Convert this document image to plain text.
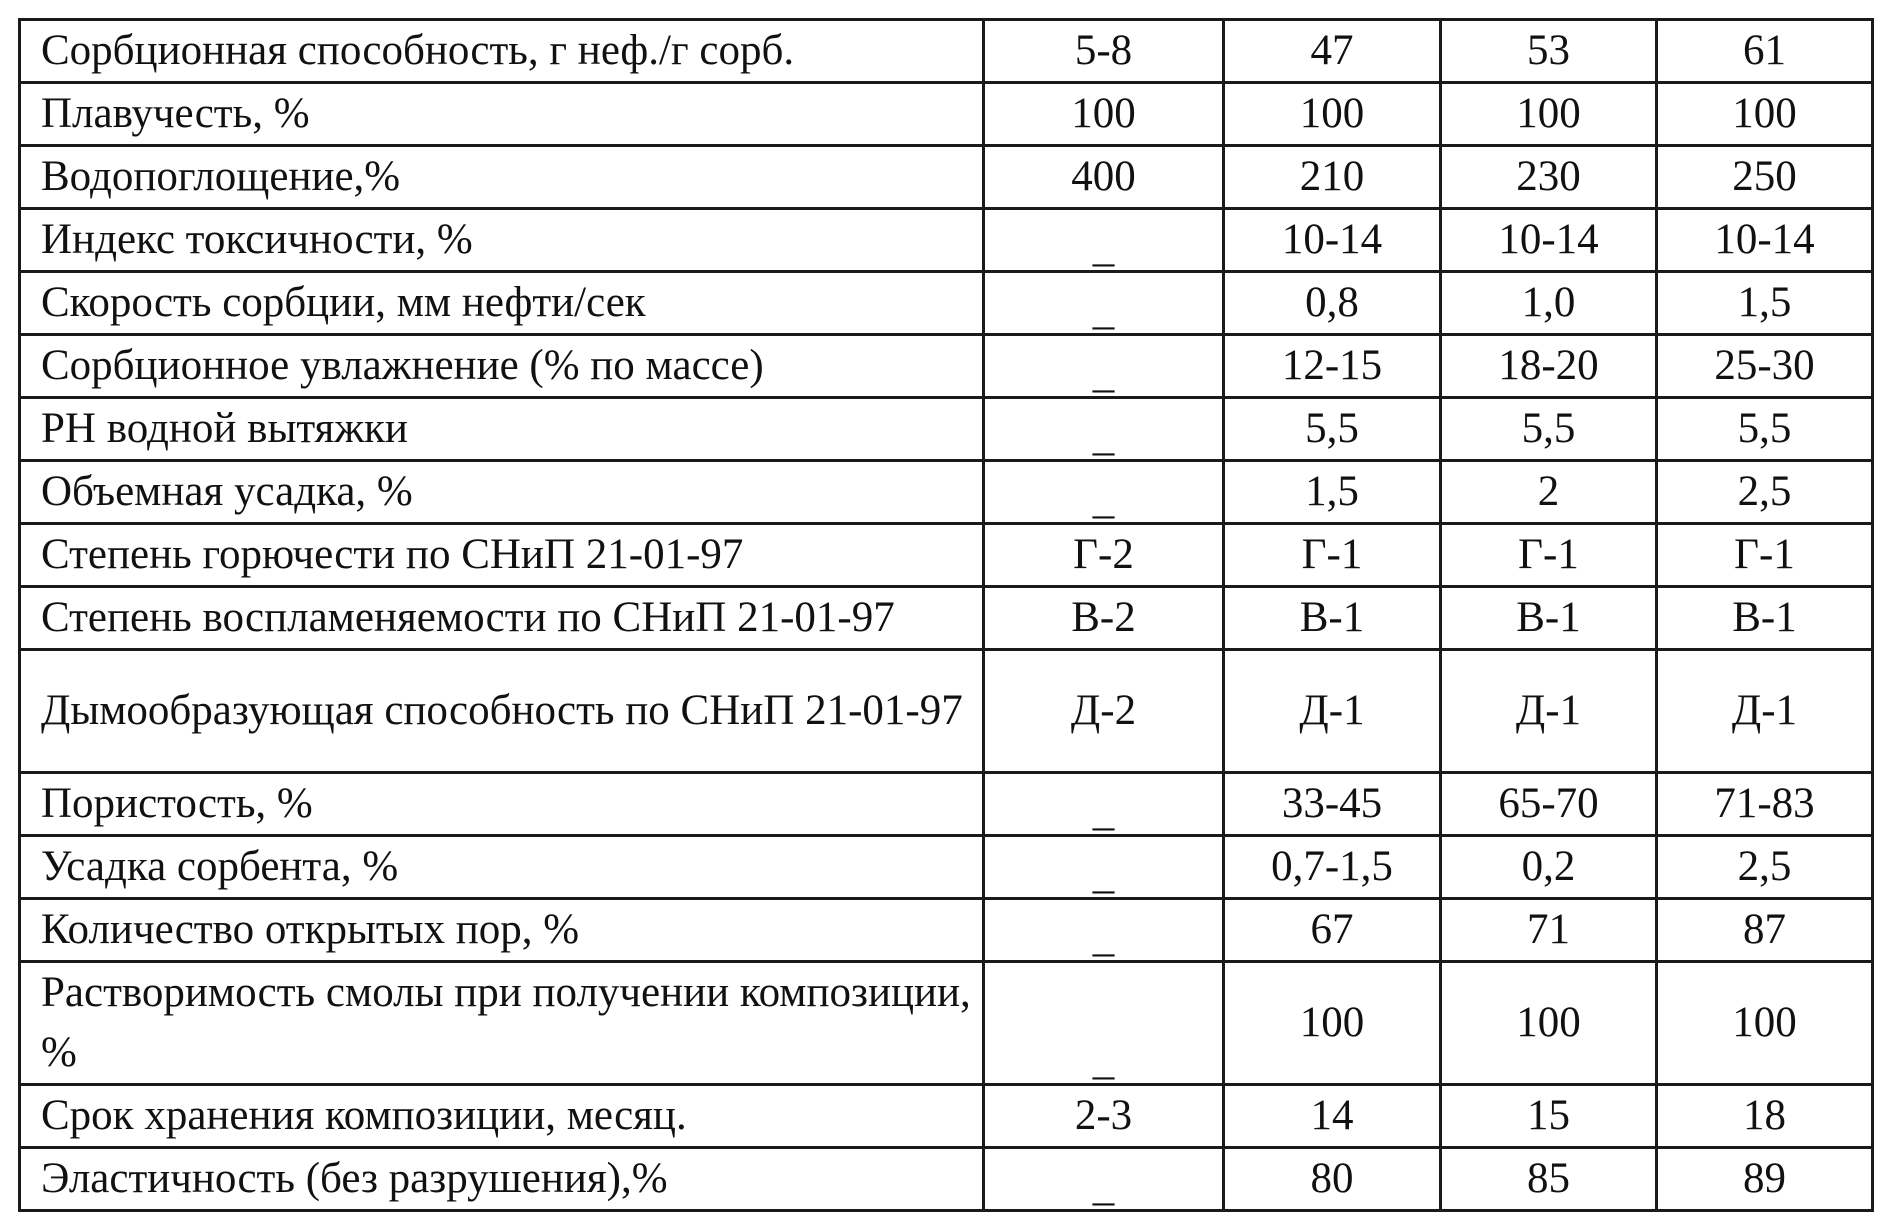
Сорбционная способность, г неф./г сорб.	5-8	47	53	61
Плавучесть, %	100	100	100	100
Водопоглощение,%	400	210	230	250
Индекс токсичности, %	_	10-14	10-14	10-14
Скорость сорбции, мм нефти/сек	_	0,8	1,0	1,5
Сорбционное увлажнение (% по массе)	_	12-15	18-20	25-30
РН водной вытяжки	_	5,5	5,5	5,5
Объемная усадка, %	_	1,5	2	2,5
Степень горючести по СНиП 21-01-97	Г-2	Г-1	Г-1	Г-1
Степень воспламеняемости по СНиП 21-01-97	В-2	В-1	В-1	В-1
Дымообразующая способность по СНиП 21-01-97	Д-2	Д-1	Д-1	Д-1
Пористость, %	_	33-45	65-70	71-83
Усадка сорбента, %	_	0,7-1,5	0,2	2,5
Количество открытых пор, %	_	67	71	87
Растворимость смолы при получении композиции, %	_	100	100	100
Срок хранения композиции, месяц.	2-3	14	15	18
Эластичность (без разрушения),%	_	80	85	89
